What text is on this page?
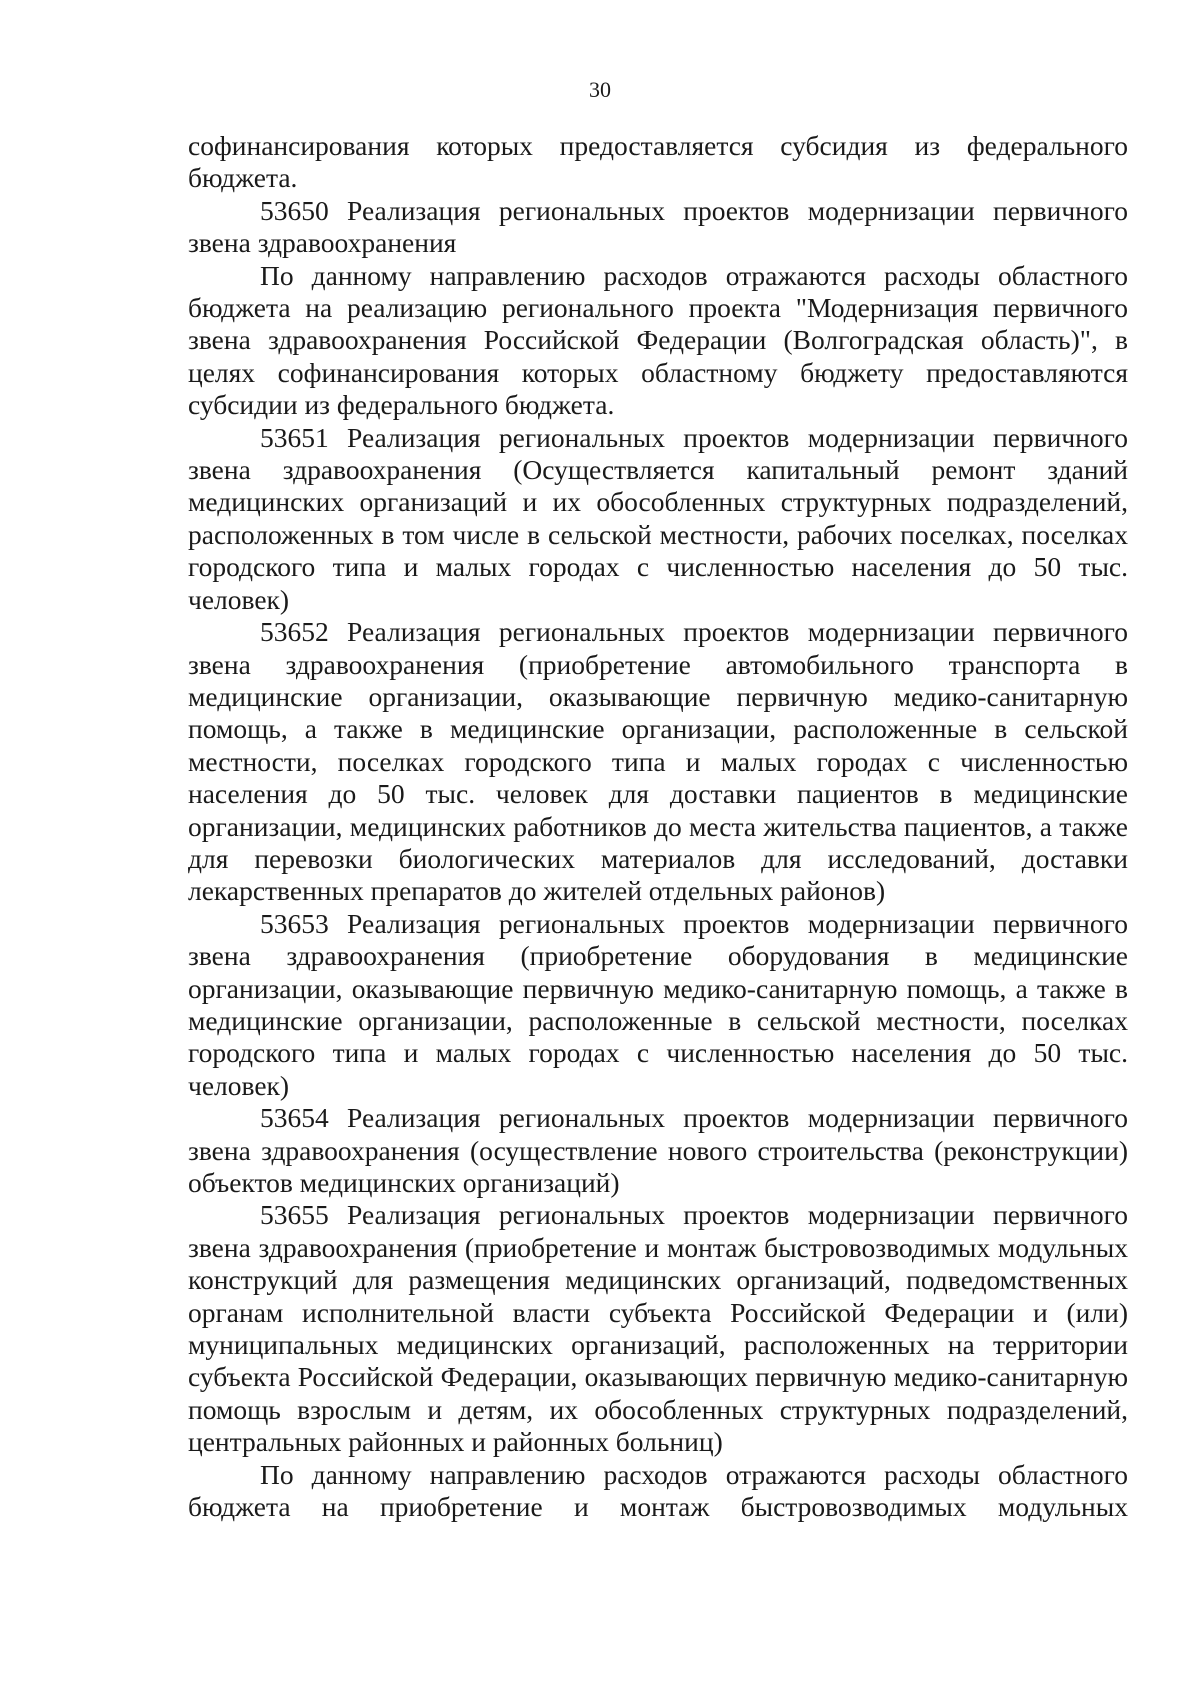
30

софинансирования которых предоставляется субсидия из федерального бюджета.

53650 Реализация региональных проектов модернизации первичного звена здравоохранения

По данному направлению расходов отражаются расходы областного бюджета на реализацию регионального проекта "Модернизация первичного звена здравоохранения Российской Федерации (Волгоградская область)", в целях софинансирования которых областному бюджету предоставляются субсидии из федерального бюджета.

53651 Реализация региональных проектов модернизации первичного звена здравоохранения (Осуществляется капитальный ремонт зданий медицинских организаций и их обособленных структурных подразделений, расположенных в том числе в сельской местности, рабочих поселках, поселках городского типа и малых городах с численностью населения до 50 тыс. человек)

53652 Реализация региональных проектов модернизации первичного звена здравоохранения (приобретение автомобильного транспорта в медицинские организации, оказывающие первичную медико-санитарную помощь, а также в медицинские организации, расположенные в сельской местности, поселках городского типа и малых городах с численностью населения до 50 тыс. человек для доставки пациентов в медицинские организации, медицинских работников до места жительства пациентов, а также для перевозки биологических материалов для исследований, доставки лекарственных препаратов до жителей отдельных районов)

53653 Реализация региональных проектов модернизации первичного звена здравоохранения (приобретение оборудования в медицинские организации, оказывающие первичную медико-санитарную помощь, а также в медицинские организации, расположенные в сельской местности, поселках городского типа и малых городах с численностью населения до 50 тыс. человек)

53654 Реализация региональных проектов модернизации первичного звена здравоохранения (осуществление нового строительства (реконструкции) объектов медицинских организаций)

53655 Реализация региональных проектов модернизации первичного звена здравоохранения (приобретение и монтаж быстровозводимых модульных конструкций для размещения медицинских организаций, подведомственных органам исполнительной власти субъекта Российской Федерации и (или) муниципальных медицинских организаций, расположенных на территории субъекта Российской Федерации, оказывающих первичную медико-санитарную помощь взрослым и детям, их обособленных структурных подразделений, центральных районных и районных больниц)

По данному направлению расходов отражаются расходы областного бюджета на приобретение и монтаж быстровозводимых модульных
